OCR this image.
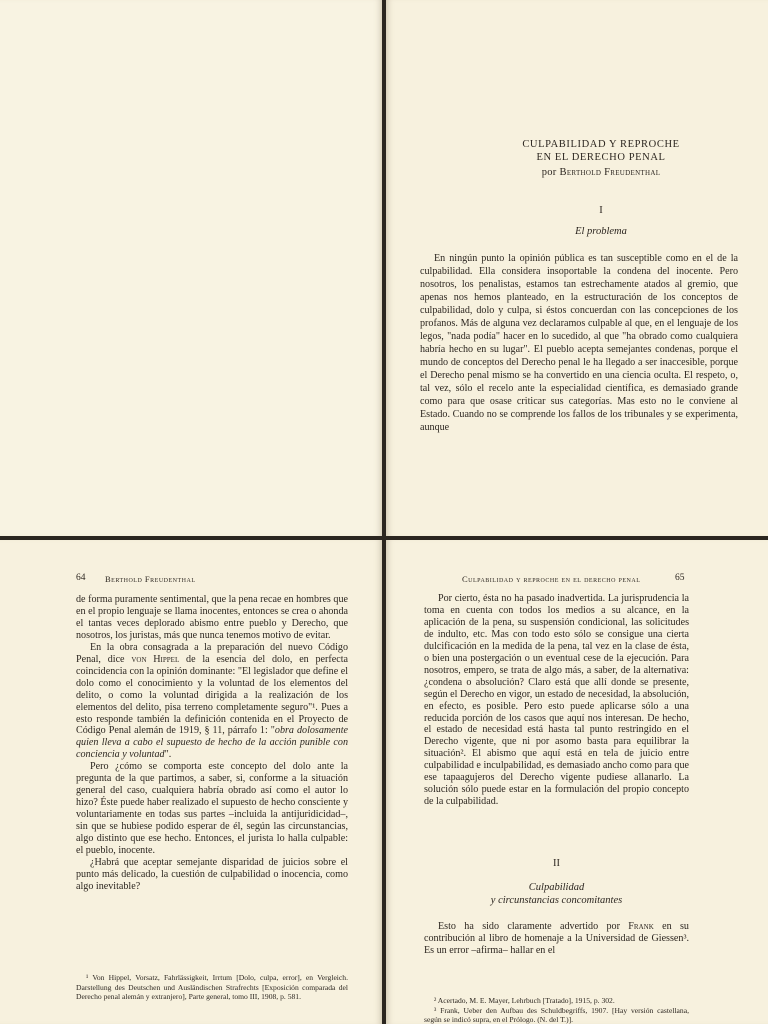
CULPABILIDAD Y REPROCHE
EN EL DERECHO PENAL
por Berthold Freudenthal
I
El problema

En ningún punto la opinión pública es tan susceptible como en el de la culpabilidad. Ella considera insoportable la condena del inocente. Pero nosotros, los penalistas, estamos tan estrechamente atados al gremio, que apenas nos hemos planteado, en la estructuración de los conceptos de culpabilidad, dolo y culpa, si éstos concuerdan con las concepciones de los profanos. Más de alguna vez declaramos culpable al que, en el lenguaje de los legos, "nada podía" hacer en lo sucedido, al que "ha obrado como cualquiera habría hecho en su lugar". El pueblo acepta semejantes condenas, porque el mundo de conceptos del Derecho penal le ha llegado a ser inaccesible, porque el Derecho penal mismo se ha convertido en una ciencia oculta. El respeto, o, tal vez, sólo el recelo ante la especialidad científica, es demasiado grande como para que osase criticar sus categorías. Mas esto no le conviene al Estado. Cuando no se comprende los fallos de los tribunales y se experimenta, aunque

64 Berthold Freudenthal

de forma puramente sentimental, que la pena recae en hombres que en el propio lenguaje se llama inocentes, entonces se crea o ahonda el tantas veces deplorado abismo entre pueblo y Derecho, que nosotros, los juristas, más que nunca tenemos motivo de evitar.

En la obra consagrada a la preparación del nuevo Código Penal, dice von Hippel de la esencia del dolo, en perfecta coincidencia con la opinión dominante: "El legislador que define el dolo como el conocimiento y la voluntad de los elementos del delito, o como la voluntad dirigida a la realización de los elementos del delito, pisa terreno completamente seguro"¹. Pues a esto responde también la definición contenida en el Proyecto de Código Penal alemán de 1919, § 11, párrafo 1: "obra dolosamente quien lleva a cabo el supuesto de hecho de la acción punible con conciencia y voluntad".

Pero ¿cómo se comporta este concepto del dolo ante la pregunta de la que partimos, a saber, si, conforme a la situación general del caso, cualquiera habría obrado así como el autor lo hizo? Éste puede haber realizado el supuesto de hecho consciente y voluntariamente en todas sus partes –incluida la antijuridicidad–, sin que se hubiese podido esperar de él, según las circunstancias, algo distinto que ese hecho. Entonces, el jurista lo halla culpable: el pueblo, inocente.

¿Habrá que aceptar semejante disparidad de juicios sobre el punto más delicado, la cuestión de culpabilidad o inocencia, como algo inevitable?

¹ Von Hippel, Vorsatz, Fahrlässigkeit, Irrtum [Dolo, culpa, error], en Vergleich. Darstellung des Deutschen und Ausländischen Strafrechts [Exposición comparada del Derecho penal alemán y extranjero], Parte general, tomo III, 1908, p. 581.

Culpabilidad y reproche en el derecho penal	65

Por cierto, ésta no ha pasado inadvertida. La jurisprudencia la toma en cuenta con todos los medios a su alcance, en la aplicación de la pena, su suspensión condicional, las solicitudes de indulto, etc. Mas con todo esto sólo se consigue una cierta dulcificación en la medida de la pena, tal vez en la clase de ésta, o bien una postergación o un eventual cese de la ejecución. Para nosotros, empero, se trata de algo más, a saber, de la alternativa: ¿condena o absolución? Claro está que allí donde se presente, según el Derecho en vigor, un estado de necesidad, la absolución, en efecto, es posible. Pero esto puede aplicarse sólo a una reducida porción de los casos que aquí nos interesan. De hecho, el estado de necesidad está hasta tal punto restringido en el Derecho vigente, que ni por asomo basta para equilibrar la situación². El abismo que aquí está en tela de juicio entre culpabilidad e inculpabilidad, es demasiado ancho como para que ese tapaagujeros del Derecho vigente pudiese allanarlo. La solución sólo puede estar en la formulación del propio concepto de la culpabilidad.

II
Culpabilidad
y circunstancias concomitantes

Esto ha sido claramente advertido por Frank en su contribución al libro de homenaje a la Universidad de Giessen³. Es un error –afirma– hallar en el

² Acertado, M. E. Mayer, Lehrbuch [Tratado], 1915, p. 302.

³ Frank, Ueber den Aufbau des Schuldbegriffs, 1907. [Hay versión castellana, según se indicó supra, en el Prólogo. (N. del T.)].
